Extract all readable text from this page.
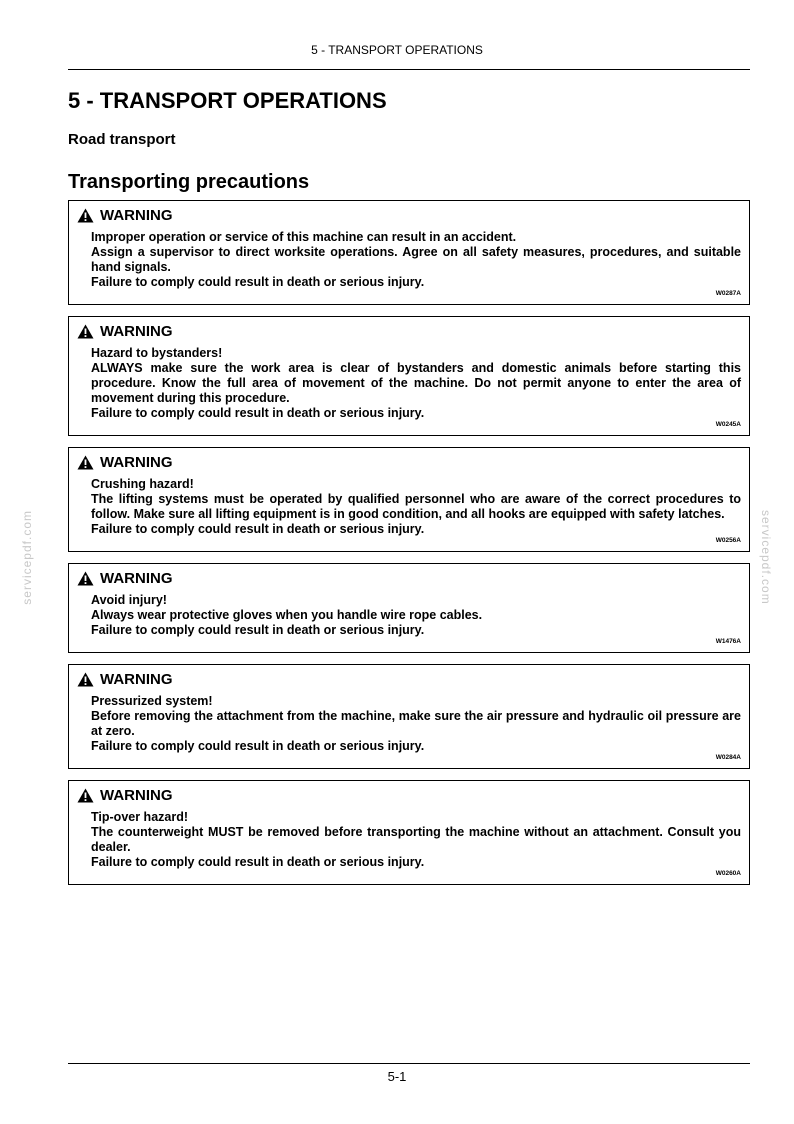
5 - TRANSPORT OPERATIONS
5 - TRANSPORT OPERATIONS
Road transport
Transporting precautions
WARNING

Improper operation or service of this machine can result in an accident.

Assign a supervisor to direct worksite operations. Agree on all safety measures, procedures, and suitable hand signals.

Failure to comply could result in death or serious injury.

W0287A
WARNING

Hazard to bystanders!

ALWAYS make sure the work area is clear of bystanders and domestic animals before starting this procedure. Know the full area of movement of the machine. Do not permit anyone to enter the area of movement during this procedure.

Failure to comply could result in death or serious injury.

W0245A
WARNING

Crushing hazard!

The lifting systems must be operated by qualified personnel who are aware of the correct procedures to follow. Make sure all lifting equipment is in good condition, and all hooks are equipped with safety latches.

Failure to comply could result in death or serious injury.

W0256A
WARNING

Avoid injury!

Always wear protective gloves when you handle wire rope cables.

Failure to comply could result in death or serious injury.

W1476A
WARNING

Pressurized system!

Before removing the attachment from the machine, make sure the air pressure and hydraulic oil pressure are at zero.

Failure to comply could result in death or serious injury.

W0284A
WARNING

Tip-over hazard!

The counterweight MUST be removed before transporting the machine without an attachment. Consult you dealer.

Failure to comply could result in death or serious injury.

W0260A
servicepdf.com	servicepdf.com
5-1
